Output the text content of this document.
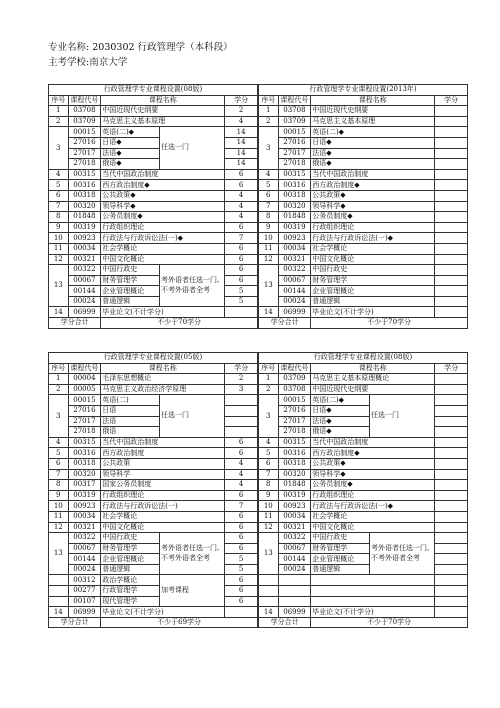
专业名称: 2030302 行政管理学（本科段）
主考学校:南京大学
行政管理学专业课程设置(08版)				
序号	课程代号	课程名称		学分
1	03708	中国近现代史纲要		2
2	03709	马克思主义基本原理		4
3	00015	英语(二)◆	任选一门	14
	27016	日语◆		14
	27017	法语◆		14
	27018	俄语◆		14
4	00315	当代中国政治制度		6
5	00316	西方政治制度◆		6
6	00318	公共政策◆		4
7	00320	领导科学◆		4
8	01848	公务员制度◆		4
9	00319	行政组织理论		6
10	00923	行政法与行政诉讼法(一)◆		7
11	00034	社会学概论		6
12	00321	中国文化概论		6
13	00322	中国行政史	考外语者任选一门,不考外语者全考	6
	00067	财务管理学		6
	00144	企业管理概论		5
	00024	普通逻辑		5
14	06999	毕业论文(不计学分)		
学分合计		不少于70学分		
行政管理学专业课程设置(2013年)			
序号	课程代号	课程名称	学分
1	03708	中国近现代史纲要	
2	03709	马克思主义基本原理	
3	00015	英语(二)◆	
	27016	日语◆	
	27017	法语◆	
	27018	俄语◆	
4	00315	当代中国政治制度	
5	00316	西方政治制度◆	
6	00318	公共政策◆	
7	00320	领导科学◆	
8	01848	公务员制度◆	
9	00319	行政组织理论	
10	00923	行政法与行政诉讼法(一)◆	
11	00034	社会学概论	
12	00321	中国文化概论	
13	00322	中国行政史	
	00067	财务管理学	
	00144	企业管理概论	
	00024	普通逻辑	
14	06999	毕业论文(不计学分)	
学分合计		不少于70学分	
行政管理学专业课程设置(05版)				
序号	课程代号	课程名称		学分
1	00004	毛泽东思想概论		2
2	00005	马克思主义政治经济学原理		3
3	00015	英语(二)	任选一门	
	27016	日语		
	27017	法语		
	27018	俄语		
4	00315	当代中国政治制度		6
5	00316	西方政治制度		6
6	00318	公共政策		4
7	00320	领导科学		4
8	00317	国家公务员制度		4
9	00319	行政组织理论		6
10	00923	行政法与行政诉讼法(一)		7
11	00034	社会学概论		6
12	00321	中国文化概论		6
13	00322	中国行政史	考外语者任选一门,不考外语者全考	6
	00067	财务管理学		6
	00144	企业管理概论		5
	00024	普通逻辑		5
	00312	政治学概论	加考课程	6
	00277	行政管理学		6
	00107	现代管理学		6
14	06999	毕业论文(不计学分)		
学分合计		不少于69学分		
行政管理学专业课程设置(08版)				
序号	课程代号	课程名称		学分
1	03709	马克思主义基本原理概论		
2	03708	中国近现代史纲要		
3	00015	英语(二)◆	任选一门	
	27016	日语◆		
	27017	法语◆		
	27018	俄语◆		
4	00315	当代中国政治制度		
5	00316	西方政治制度◆		
6	00318	公共政策◆		
7	00320	领导科学◆		
8	01848	公务员制度◆		
9	00319	行政组织理论		
10	00923	行政法与行政诉讼法(一)◆		
11	00034	社会学概论		
12	00321	中国文化概论		
13	00322	中国行政史	考外语者任选一门,不考外语者全考	
	00067	财务管理学		
	00144	企业管理概论		
	00024	普通逻辑		

14	06999	毕业论文(不计学分)		
学分合计		不少于70学分		
